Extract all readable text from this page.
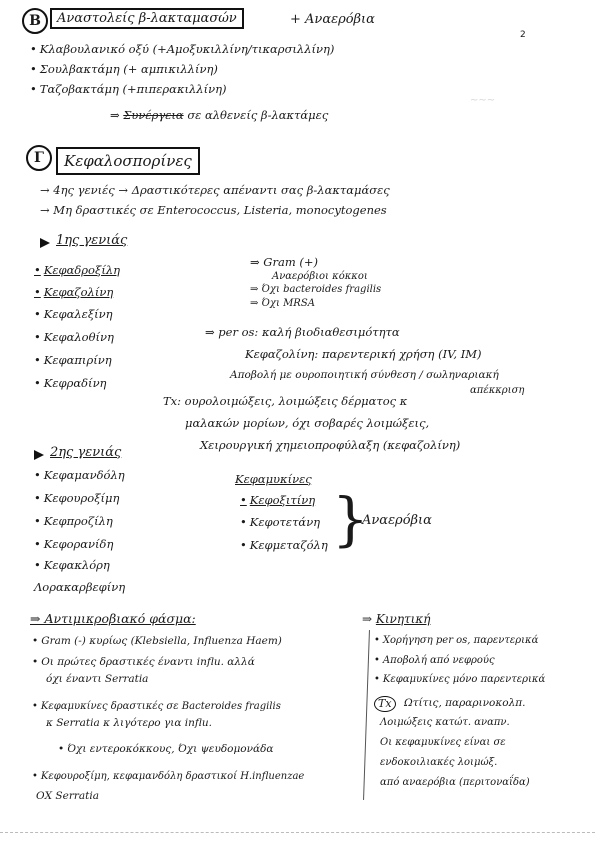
2
~~~
B	Αναστολείς β-λακταμασών	+ Αναερόβια
• Κλαβουλανικό οξύ (+Αμοξυκιλλίνη/τικαρσιλλίνη)
• Σουλβακτάμη (+ αμπικιλλίνη)
• Ταζοβακτάμη (+πιπερακιλλίνη)
⇒ Συνέργεια σε αλθενείς β-λακτάμες
Γ	Κεφαλοσπορίνες
→ 4ης γενιές → Δραστικότερες απέναντι σας β-λακταμάσες
→ Μη δραστικές σε Enterococcus, Listeria, monocytogenes
1ης γενιάς
• Κεφαδροξίλη
• Κεφαζολίνη
• Κεφαλεξίνη
• Κεφαλοθίνη
• Κεφαπιρίνη
• Κεφραδίνη
⇒ Gram (+)
Αναερόβιοι κόκκοι
⇒ Όχι bacteroides fragilis
⇒ Όχι MRSA
⇒ per os: καλή βιοδιαθεσιμότητα
Κεφαζολίνη: παρεντερική χρήση (IV, IM)
Αποβολή με ουροποιητική σύνθεση / σωληναριακή
απέκκριση
Tx: ουρολοιμώξεις, λοιμώξεις δέρματος κ
μαλακών μορίων, όχι σοβαρές λοιμώξεις,
Χειρουργική χημειοπροφύλαξη (κεφαζολίνη)
2ης γενιάς
• Κεφαμανδόλη
• Κεφουροξίμη
• Κεφπροζίλη
• Κεφορανίδη
• Κεφακλόρη
Λορακαρβεφίνη
Κεφαμυκίνες
• Κεφοξιτίνη
• Κεφοτετάνη
• Κεφμεταζόλη }
Αναερόβια
⇒ Αντιμικροβιακό φάσμα:
• Gram (-) κυρίως (Klebsiella, Influenza Haem)
• Οι πρώτες δραστικές έναντι influ. αλλά
όχι έναντι Serratia
• Κεφαμυκίνες δραστικές σε Bacteroides fragilis
κ Serratia κ λιγότερο για influ.
• Όχι εντεροκόκκους, Όχι ψευδομονάδα
• Κεφουροξίμη, κεφαμανδόλη δραστικοί H.influenzae
ΟΧ Serratia
⇒ Κινητική
• Χορήγηση per os, παρεντερικά
• Αποβολή από νεφρούς
• Κεφαμυκίνες μόνο παρεντερικά
Tx	Ωτίτις, παραρινοκολπ.
Λοιμώξεις κατώτ. αναπν.
Οι κεφαμυκίνες είναι σε
ενδοκοιλιακές λοιμώξ.
από αναερόβια (περιτοναΐδα)
